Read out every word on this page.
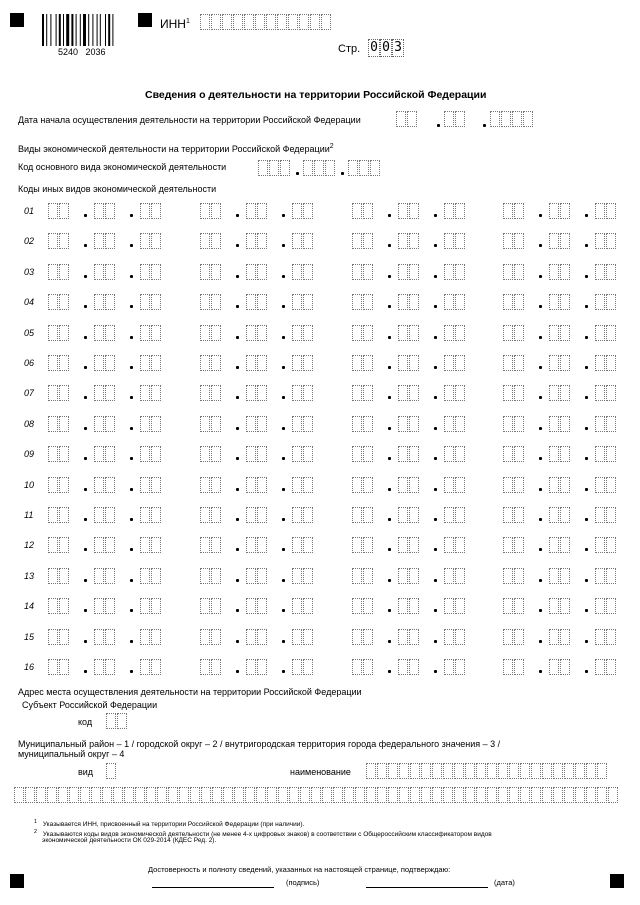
5240   2036
ИНН$^1$
Стр. 0 0 3
Сведения о деятельности на территории Российской Федерации
Дата начала осуществления деятельности на территории Российской Федерации
Виды экономической деятельности на территории Российской Федерации$^2$
Код основного вида экономической деятельности
Коды иных видов экономической деятельности
01
02
03
04
05
06
07
08
09
10
11
12
13
14
15
16
Адрес места осуществления деятельности на территории Российской Федерации
Субъект Российской Федерации
код
Муниципальный район – 1 / городской округ – 2 / внутригородская территория города федерального значения – 3 /
муниципальный округ – 4
вид	наименование
$^1$ Указывается ИНН, присвоенный на территории Российской Федерации (при наличии).
$^2$ Указываются коды видов экономической деятельности (не менее 4-х цифровых знаков) в соответствии с Общероссийским классификатором видов
экономической деятельности ОК 029-2014 (КДЕС Ред. 2).
Достоверность и полноту сведений, указанных на настоящей странице, подтверждаю:
(подпись)	(дата)
